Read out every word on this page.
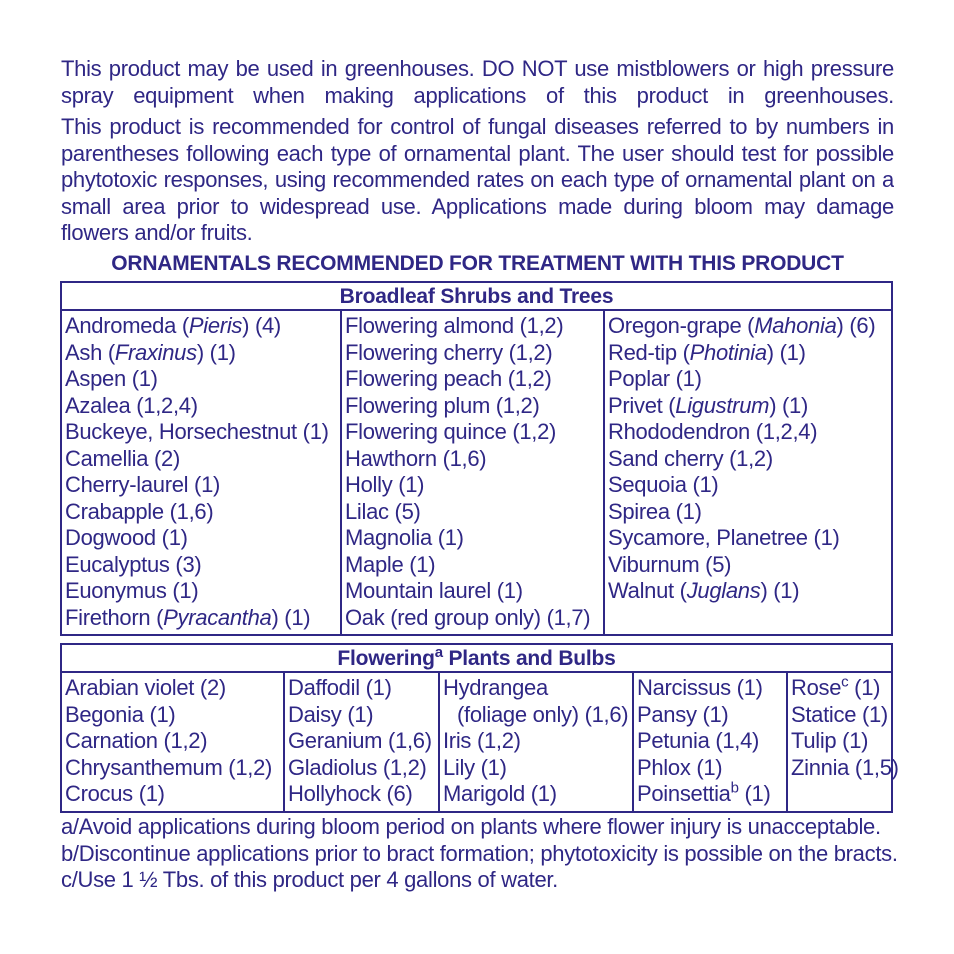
This product may be used in greenhouses. DO NOT use mistblowers or high pressure spray equipment when making applications of this product in greenhouses.

This product is recommended for control of fungal diseases referred to by numbers in parentheses following each type of ornamental plant. The user should test for possible phytotoxic responses, using recommended rates on each type of ornamental plant on a small area prior to widespread use. Applications made during bloom may damage flowers and/or fruits.

ORNAMENTALS RECOMMENDED FOR TREATMENT WITH THIS PRODUCT
Broadleaf Shrubs and Trees
Andromeda (Pieris) (4)
Ash (Fraxinus) (1)
Aspen (1)
Azalea (1,2,4)
Buckeye, Horsechestnut (1)
Camellia (2)
Cherry-laurel (1)
Crabapple (1,6)
Dogwood (1)
Eucalyptus (3)
Euonymus (1)
Firethorn (Pyracantha) (1)
Flowering almond (1,2)
Flowering cherry (1,2)
Flowering peach (1,2)
Flowering plum (1,2)
Flowering quince (1,2)
Hawthorn (1,6)
Holly (1)
Lilac (5)
Magnolia (1)
Maple (1)
Mountain laurel (1)
Oak (red group only) (1,7)
Oregon-grape (Mahonia) (6)
Red-tip (Photinia) (1)
Poplar (1)
Privet (Ligustrum) (1)
Rhododendron (1,2,4)
Sand cherry (1,2)
Sequoia (1)
Spirea (1)
Sycamore, Planetree (1)
Viburnum (5)
Walnut (Juglans) (1)
Flowering$^a$ Plants and Bulbs
Arabian violet (2)
Begonia (1)
Carnation (1,2)
Chrysanthemum (1,2)
Crocus (1)
Daffodil (1)
Daisy (1)
Geranium (1,6)
Gladiolus (1,2)
Hollyhock (6)
Hydrangea
(foliage only) (1,6)
Iris (1,2)
Lily (1)
Marigold (1)
Narcissus (1)
Pansy (1)
Petunia (1,4)
Phlox (1)
Poinsettia$^b$ (1)
Rose$^c$ (1)
Statice (1)
Tulip (1)
Zinnia (1,5)
a/Avoid applications during bloom period on plants where flower injury is unacceptable.
b/Discontinue applications prior to bract formation; phytotoxicity is possible on the bracts.
c/Use 1 ½ Tbs. of this product per 4 gallons of water.
